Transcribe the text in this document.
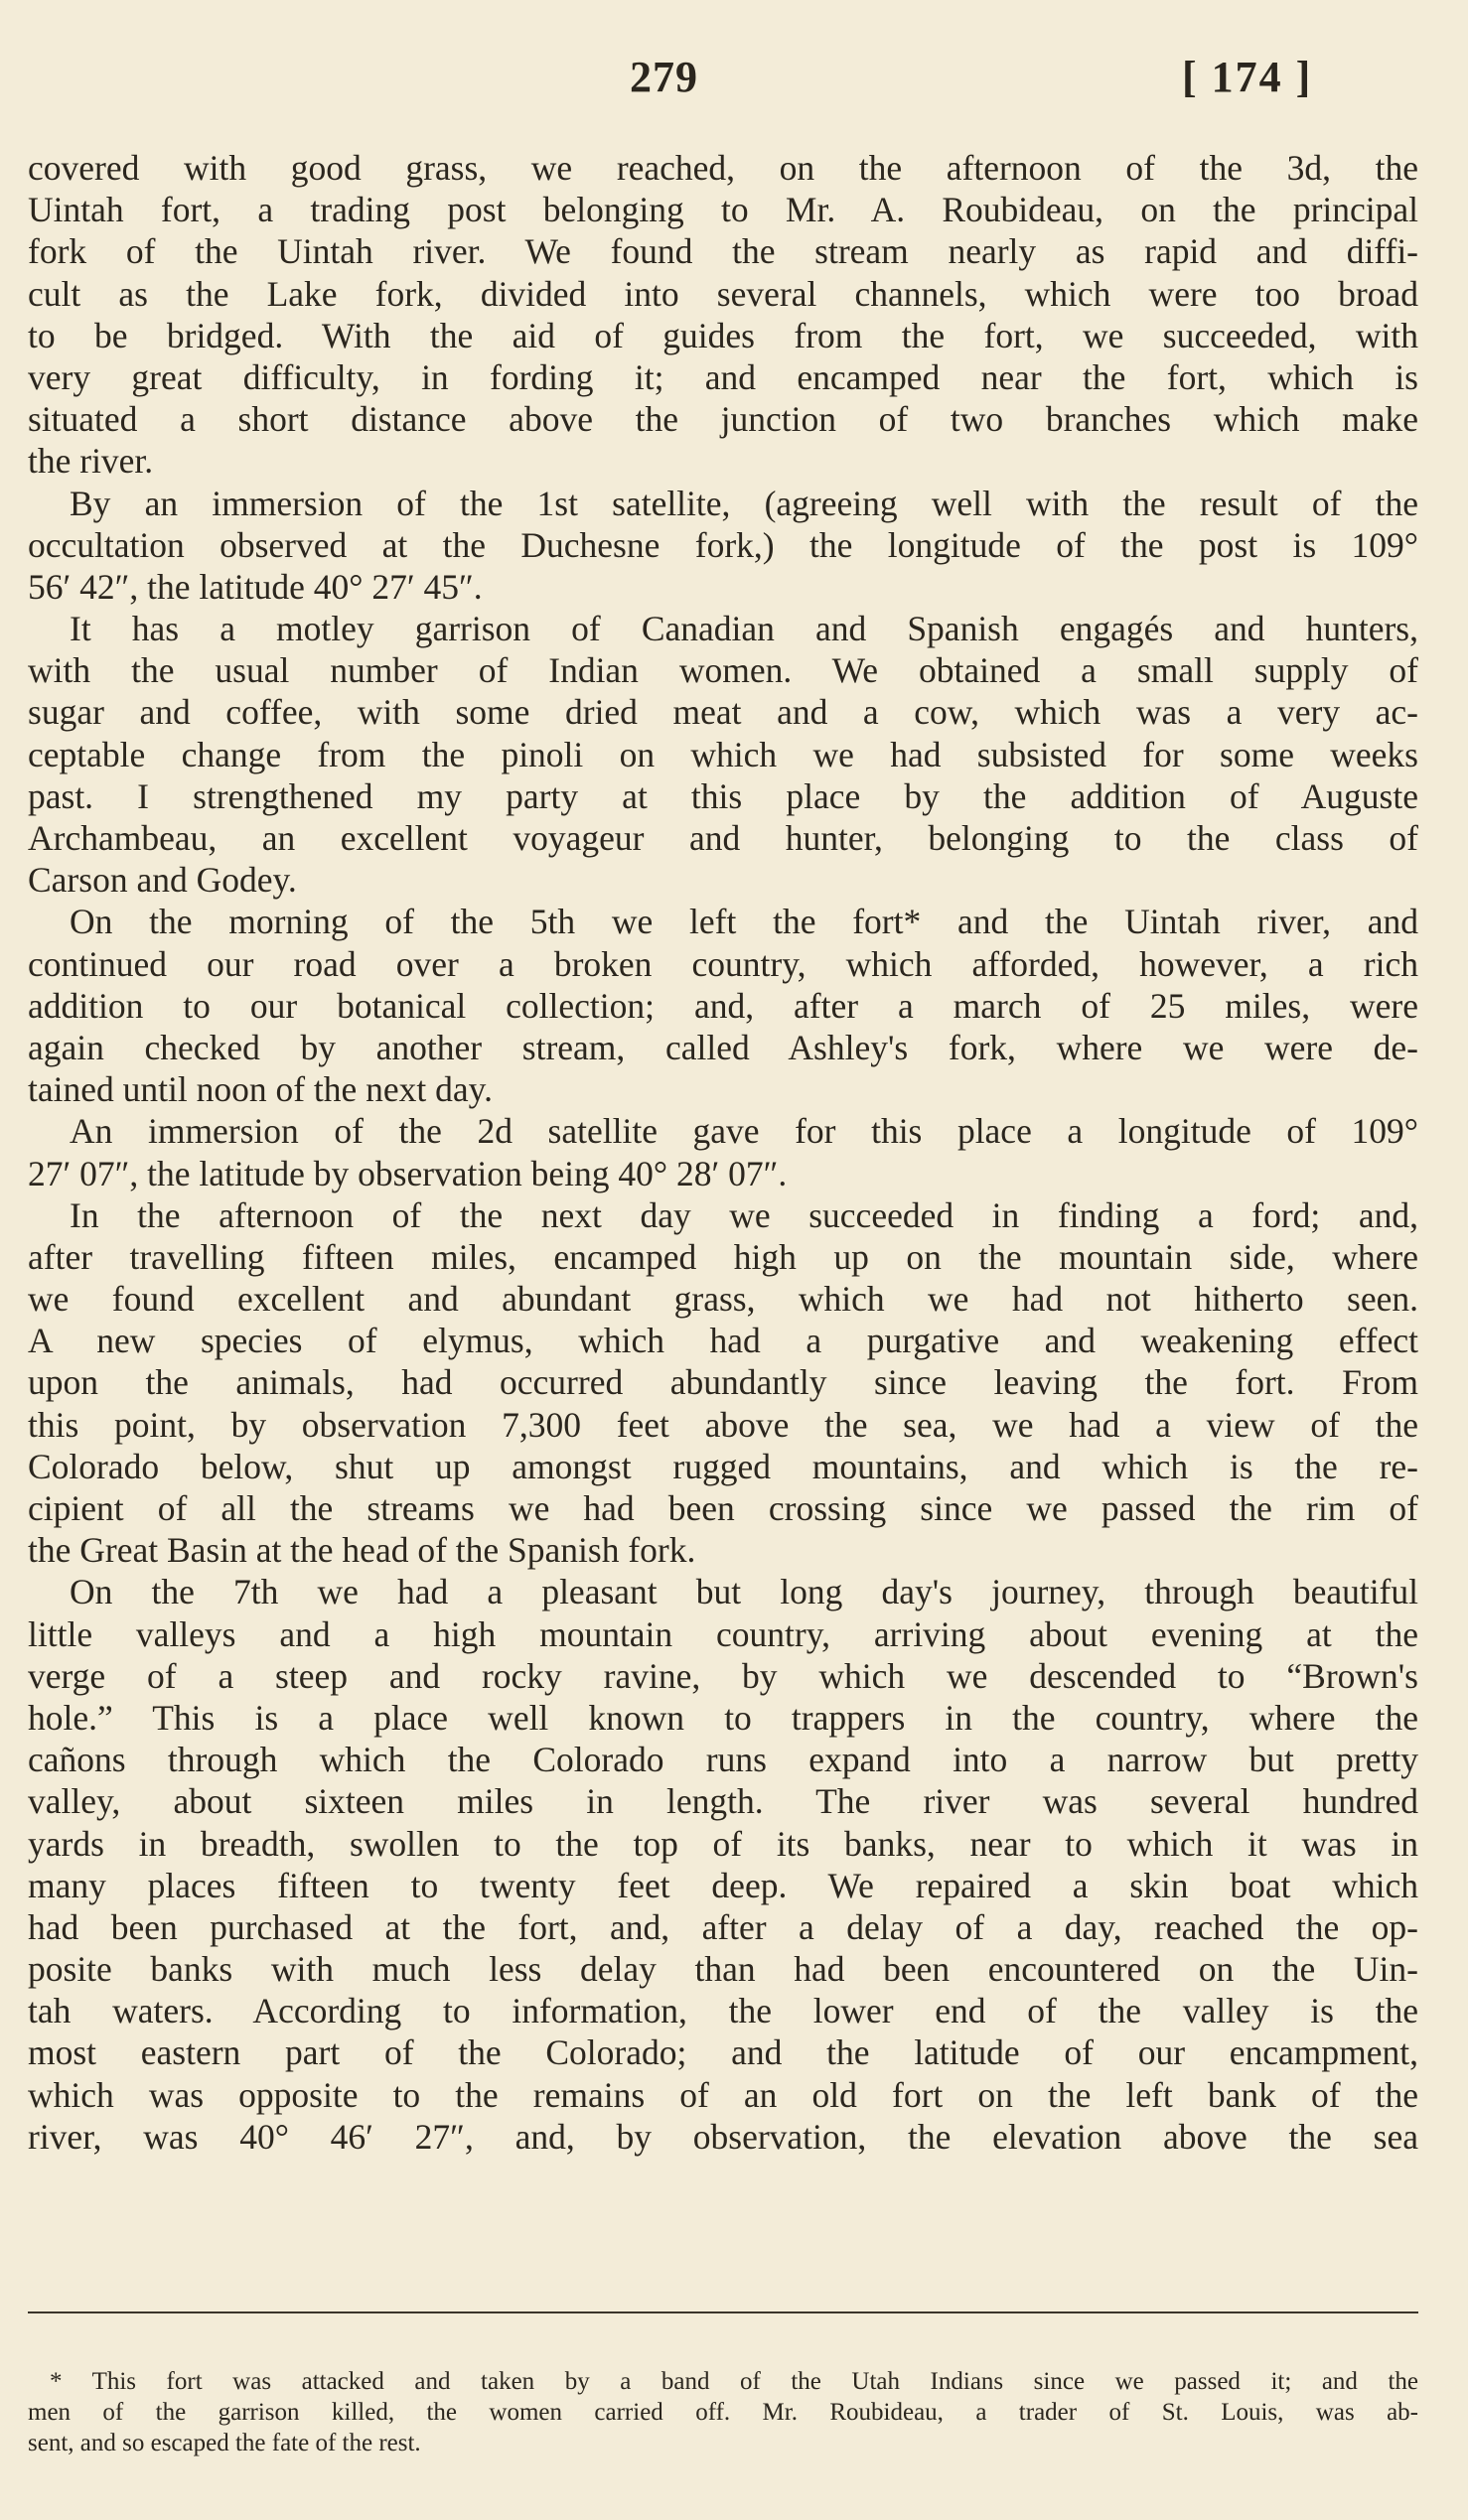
279	[ 174 ]
covered with good grass, we reached, on the afternoon of the 3d, the
Uintah fort, a trading post belonging to Mr. A. Roubideau, on the principal
fork of the Uintah river. We found the stream nearly as rapid and diffi-
cult as the Lake fork, divided into several channels, which were too broad
to be bridged. With the aid of guides from the fort, we succeeded, with
very great difficulty, in fording it; and encamped near the fort, which is
situated a short distance above the junction of two branches which make
the river.
By an immersion of the 1st satellite, (agreeing well with the result of the
occultation observed at the Duchesne fork,) the longitude of the post is 109°
56′ 42″, the latitude 40° 27′ 45″.
It has a motley garrison of Canadian and Spanish engagés and hunters,
with the usual number of Indian women. We obtained a small supply of
sugar and coffee, with some dried meat and a cow, which was a very ac-
ceptable change from the pinoli on which we had subsisted for some weeks
past. I strengthened my party at this place by the addition of Auguste
Archambeau, an excellent voyageur and hunter, belonging to the class of
Carson and Godey.
On the morning of the 5th we left the fort* and the Uintah river, and
continued our road over a broken country, which afforded, however, a rich
addition to our botanical collection; and, after a march of 25 miles, were
again checked by another stream, called Ashley's fork, where we were de-
tained until noon of the next day.
An immersion of the 2d satellite gave for this place a longitude of 109°
27′ 07″, the latitude by observation being 40° 28′ 07″.
In the afternoon of the next day we succeeded in finding a ford; and,
after travelling fifteen miles, encamped high up on the mountain side, where
we found excellent and abundant grass, which we had not hitherto seen.
A new species of elymus, which had a purgative and weakening effect
upon the animals, had occurred abundantly since leaving the fort. From
this point, by observation 7,300 feet above the sea, we had a view of the
Colorado below, shut up amongst rugged mountains, and which is the re-
cipient of all the streams we had been crossing since we passed the rim of
the Great Basin at the head of the Spanish fork.
On the 7th we had a pleasant but long day's journey, through beautiful
little valleys and a high mountain country, arriving about evening at the
verge of a steep and rocky ravine, by which we descended to “Brown's
hole.” This is a place well known to trappers in the country, where the
cañons through which the Colorado runs expand into a narrow but pretty
valley, about sixteen miles in length. The river was several hundred
yards in breadth, swollen to the top of its banks, near to which it was in
many places fifteen to twenty feet deep. We repaired a skin boat which
had been purchased at the fort, and, after a delay of a day, reached the op-
posite banks with much less delay than had been encountered on the Uin-
tah waters. According to information, the lower end of the valley is the
most eastern part of the Colorado; and the latitude of our encampment,
which was opposite to the remains of an old fort on the left bank of the
river, was 40° 46′ 27″, and, by observation, the elevation above the sea
* This fort was attacked and taken by a band of the Utah Indians since we passed it; and the
men of the garrison killed, the women carried off. Mr. Roubideau, a trader of St. Louis, was ab-
sent, and so escaped the fate of the rest.
